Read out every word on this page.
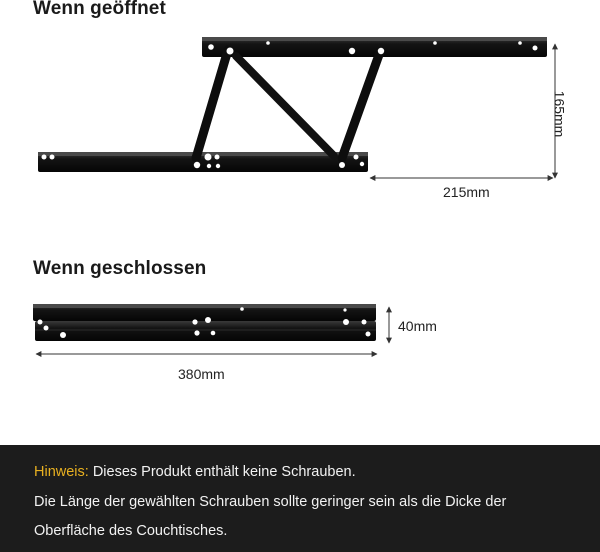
Wenn geöffnet
215mm
165mm
Wenn geschlossen
40mm
380mm
Hinweis: Dieses Produkt enthält keine Schrauben.
Die Länge der gewählten Schrauben sollte geringer sein als die Dicke der
Oberfläche des Couchtisches.
